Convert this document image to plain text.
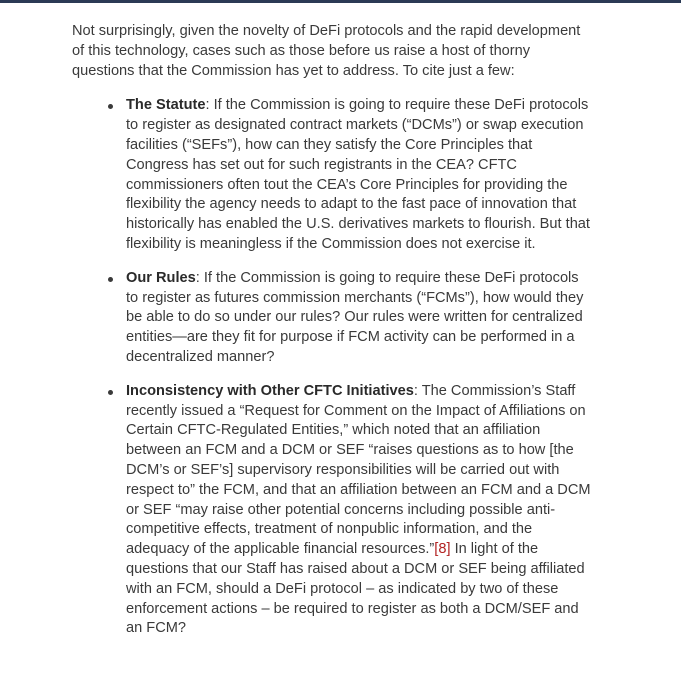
Not surprisingly, given the novelty of DeFi protocols and the rapid development of this technology, cases such as those before us raise a host of thorny questions that the Commission has yet to address. To cite just a few:

The Statute: If the Commission is going to require these DeFi protocols to register as designated contract markets (“DCMs”) or swap execution facilities (“SEFs”), how can they satisfy the Core Principles that Congress has set out for such registrants in the CEA? CFTC commissioners often tout the CEA’s Core Principles for providing the flexibility the agency needs to adapt to the fast pace of innovation that historically has enabled the U.S. derivatives markets to flourish. But that flexibility is meaningless if the Commission does not exercise it.
Our Rules: If the Commission is going to require these DeFi protocols to register as futures commission merchants (“FCMs”), how would they be able to do so under our rules? Our rules were written for centralized entities—are they fit for purpose if FCM activity can be performed in a decentralized manner?
Inconsistency with Other CFTC Initiatives: The Commission’s Staff recently issued a “Request for Comment on the Impact of Affiliations on Certain CFTC-Regulated Entities,” which noted that an affiliation between an FCM and a DCM or SEF “raises questions as to how [the DCM’s or SEF’s] supervisory responsibilities will be carried out with respect to” the FCM, and that an affiliation between an FCM and a DCM or SEF “may raise other potential concerns including possible anti-competitive effects, treatment of nonpublic information, and the adequacy of the applicable financial resources.”[8] In light of the questions that our Staff has raised about a DCM or SEF being affiliated with an FCM, should a DeFi protocol – as indicated by two of these enforcement actions – be required to register as both a DCM/SEF and an FCM?
